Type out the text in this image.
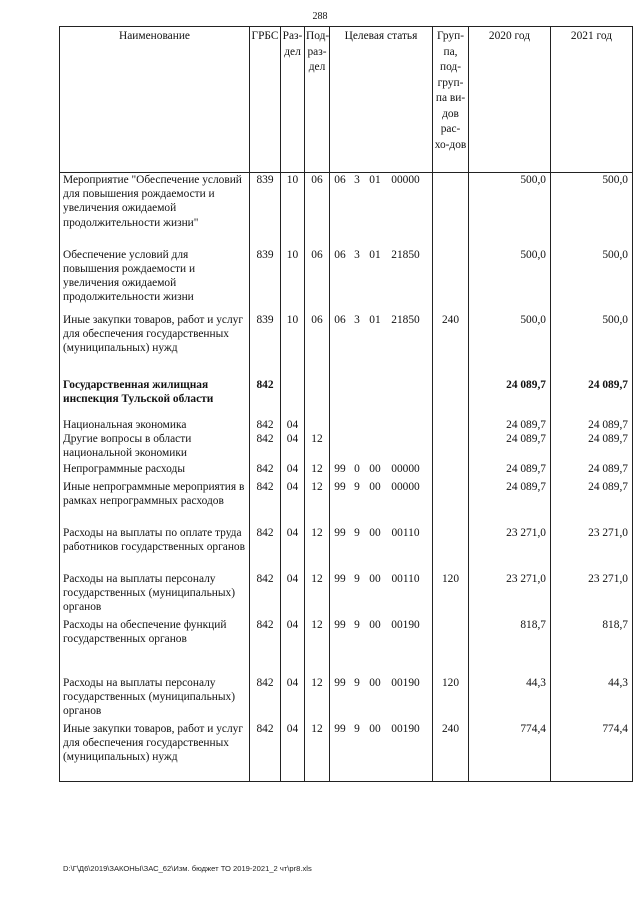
288
Наименование	ГРБС	Раз-дел	Под-раз-дел	Целевая статья	Груп-па, под-груп-па ви-дов рас-хо-дов	2020 год	2021 год
Мероприятие "Обеспечение условий для повышения рождаемости и увеличения ожидаемой продолжительности жизни"	839	10	06	06 3 01 00000		500,0	500,0
Обеспечение условий для повышения рождаемости и увеличения ожидаемой продолжительности жизни	839	10	06	06 3 01 21850		500,0	500,0
Иные закупки товаров, работ и услуг для обеспечения государственных (муниципальных) нужд	839	10	06	06 3 01 21850	240	500,0	500,0
Государственная жилищная инспекция Тульской области	842					24 089,7	24 089,7
Национальная экономика	842	04				24 089,7	24 089,7
Другие вопросы в области национальной экономики	842	04	12			24 089,7	24 089,7
Непрограммные расходы	842	04	12	99 0 00 00000		24 089,7	24 089,7
Иные непрограммные мероприятия в рамках непрограммных расходов	842	04	12	99 9 00 00000		24 089,7	24 089,7
Расходы на выплаты по оплате труда работников государственных органов	842	04	12	99 9 00 00110		23 271,0	23 271,0
Расходы на выплаты персоналу государственных (муниципальных) органов	842	04	12	99 9 00 00110	120	23 271,0	23 271,0
Расходы на обеспечение функций государственных органов	842	04	12	99 9 00 00190		818,7	818,7
Расходы на выплаты персоналу государственных (муниципальных) органов	842	04	12	99 9 00 00190	120	44,3	44,3
Иные закупки товаров, работ и услуг для обеспечения государственных (муниципальных) нужд	842	04	12	99 9 00 00190	240	774,4	774,4
D:\Г\Д6\2019\ЗАКОНЫ\ЗАС_62\Изм. бюджет ТО 2019-2021_2 чт\pr8.xls
